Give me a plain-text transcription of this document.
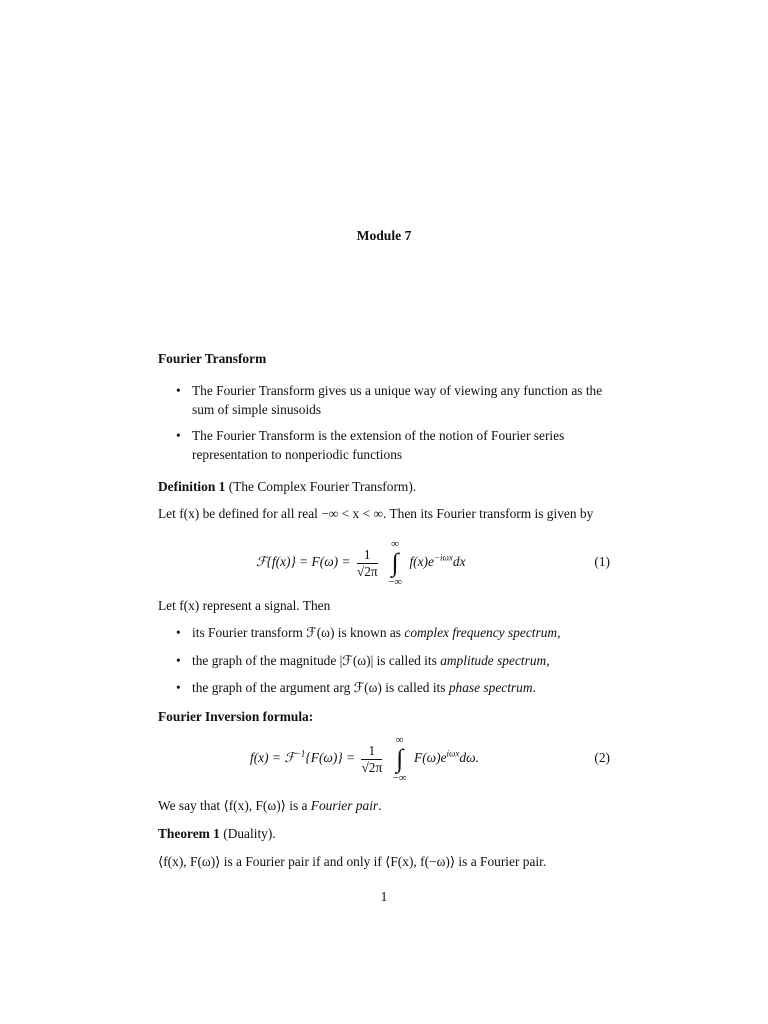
Module 7
Fourier Transform
• The Fourier Transform gives us a unique way of viewing any function as the sum of simple sinusoids
• The Fourier Transform is the extension of the notion of Fourier series representation to nonperiodic functions
Definition 1 (The Complex Fourier Transform).
Let f(x) be defined for all real −∞ < x < ∞. Then its Fourier transform is given by
ℱ{f(x)} = $F(\omega) = \frac{1}{√2\pi}$
∞
∫
−∞ $f(x)e^{-i\omega x}dx$	(1)
Let f(x) represent a signal. Then
• its Fourier transform ℱ(ω) is known as complex frequency spectrum,
• the graph of the magnitude |ℱ(ω)| is called its amplitude spectrum,
• the graph of the argument arg ℱ(ω) is called its phase spectrum.
Fourier Inversion formula:
f(x) = ℱ$^{-1}${F(ω)} = $\frac{1}{√2\pi}$
∞
∫
−∞ $F(\omega)e^{i\omega x}d\omega$.	(2)
We say that ⟨f(x), F(ω)⟩ is a Fourier pair.
Theorem 1 (Duality).
⟨f(x), F(ω)⟩ is a Fourier pair if and only if ⟨F(x), f(−ω)⟩ is a Fourier pair.
1
